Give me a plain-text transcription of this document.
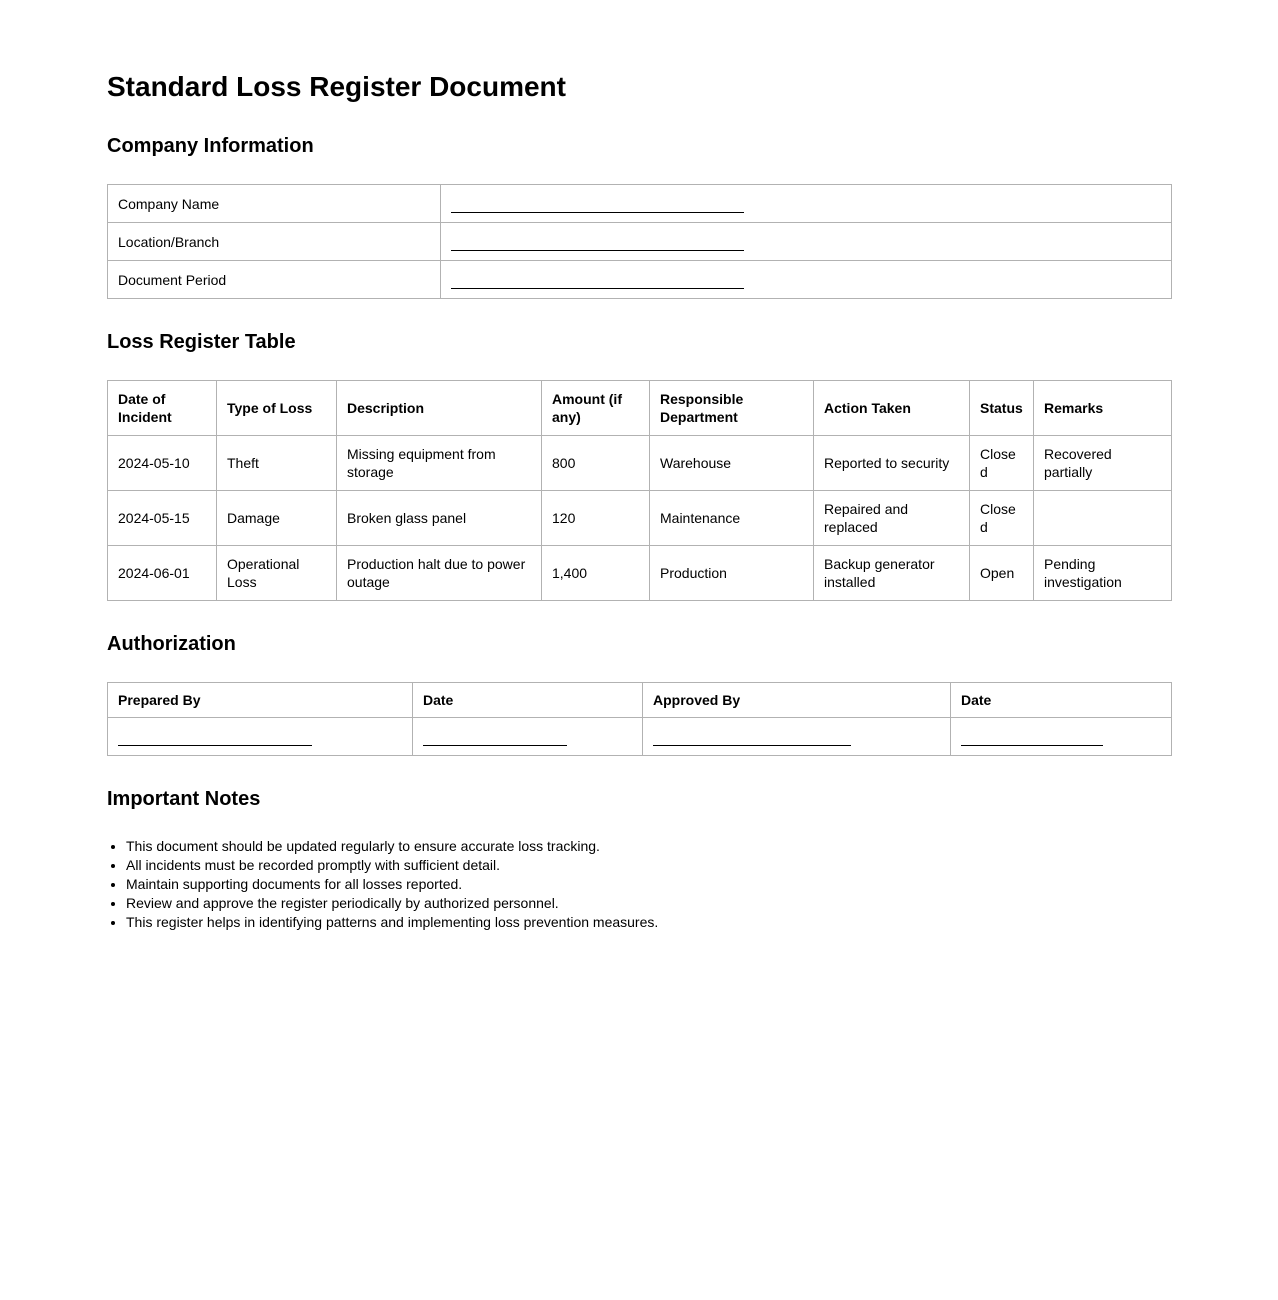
Standard Loss Register Document
Company Information
Company Name	
Location/Branch	
Document Period	
Loss Register Table
Date of Incident	Type of Loss	Description	Amount (if any)	Responsible Department	Action Taken	Status	Remarks
2024-05-10	Theft	Missing equipment from storage	800	Warehouse	Reported to security	Closed	Recovered partially
2024-05-15	Damage	Broken glass panel	120	Maintenance	Repaired and replaced	Closed	
2024-06-01	Operational Loss	Production halt due to power outage	1,400	Production	Backup generator installed	Open	Pending investigation
Authorization
Prepared By	Date	Approved By	Date

Important Notes
• This document should be updated regularly to ensure accurate loss tracking.
• All incidents must be recorded promptly with sufficient detail.
• Maintain supporting documents for all losses reported.
• Review and approve the register periodically by authorized personnel.
• This register helps in identifying patterns and implementing loss prevention measures.
